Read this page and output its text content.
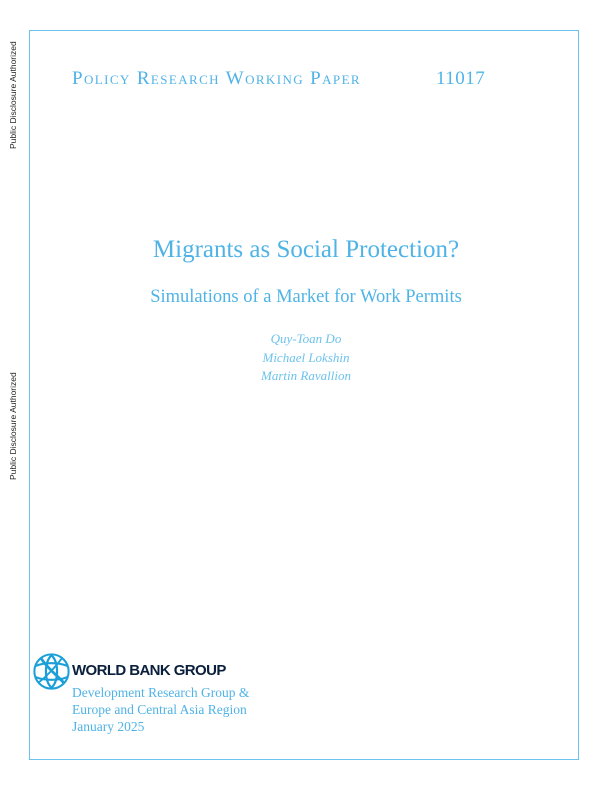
Public Disclosure Authorized
Public Disclosure Authorized
Policy Research Working Paper	11017
Migrants as Social Protection?
Simulations of a Market for Work Permits
Quy-Toan Do
Michael Lokshin
Martin Ravallion
WORLD BANK GROUP
Development Research Group &
Europe and Central Asia Region
January 2025
